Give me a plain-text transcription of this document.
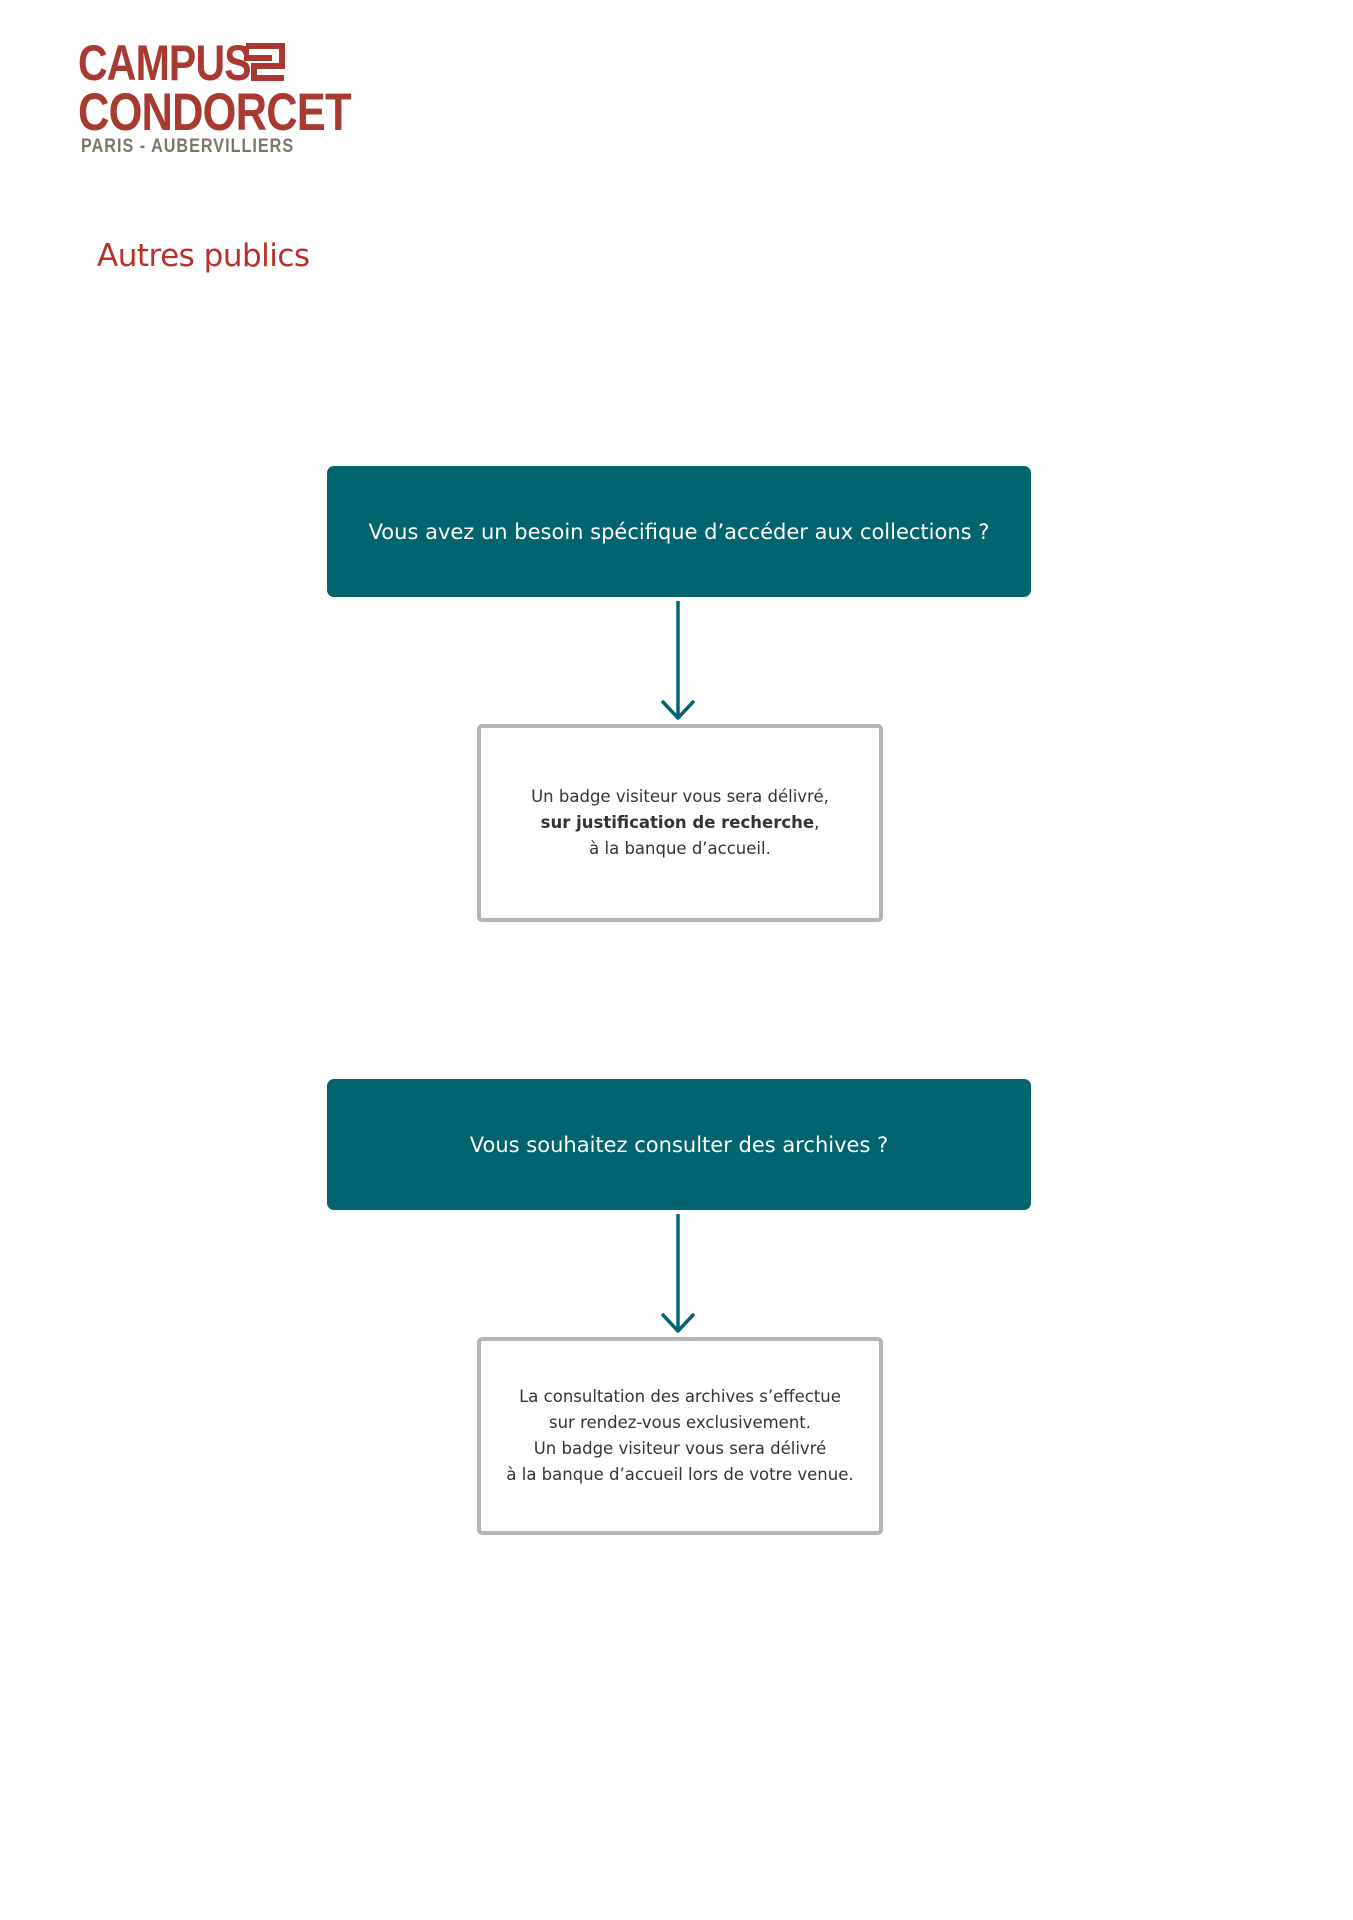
CAMPUS
CONDORCET
PARIS - AUBERVILLIERS
Autres publics
Vous avez un besoin spécifique d’accéder aux collections ?
Un badge visiteur vous sera délivré,
sur justification de recherche,
à la banque d’accueil.
Vous souhaitez consulter des archives ?
La consultation des archives s’effectue
sur rendez-vous exclusivement.
Un badge visiteur vous sera délivré
à la banque d’accueil lors de votre venue.
